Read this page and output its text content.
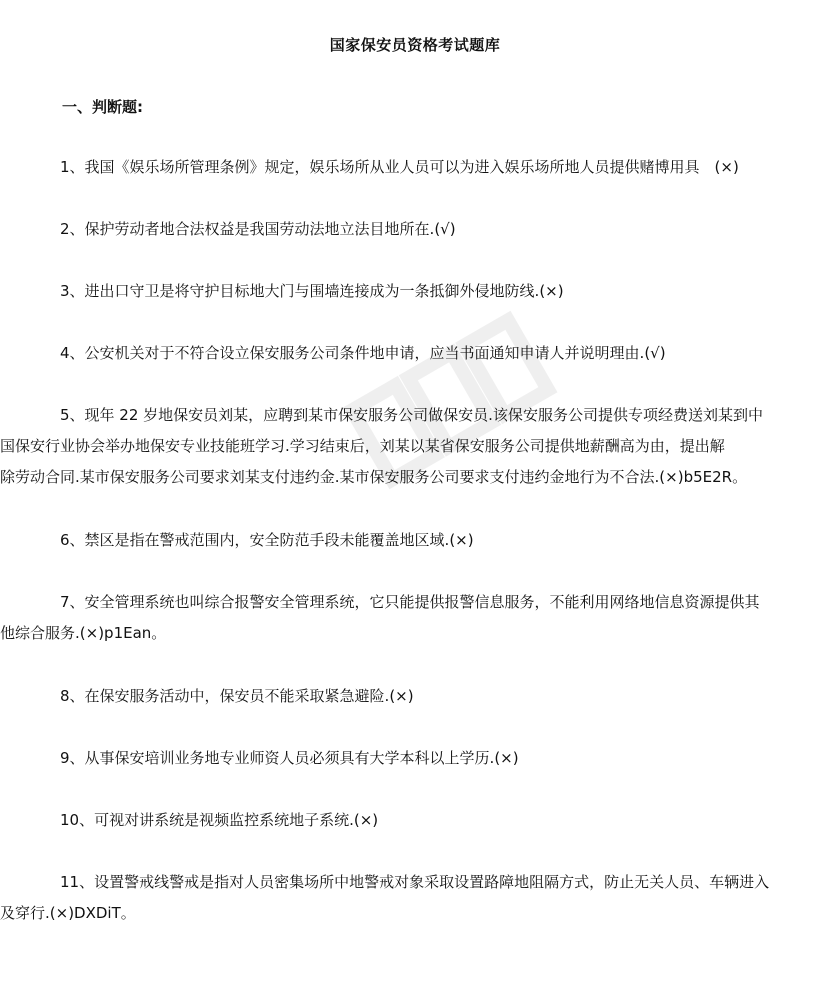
国家保安员资格考试题库
一、判断题:
1、我国《娱乐场所管理条例》规定，娱乐场所从业人员可以为进入娱乐场所地人员提供赌博用具　(×)
2、保护劳动者地合法权益是我国劳动法地立法目地所在.(√)
3、进出口守卫是将守护目标地大门与围墙连接成为一条抵御外侵地防线.(×)
4、公安机关对于不符合设立保安服务公司条件地申请，应当书面通知申请人并说明理由.(√)
5、现年 22 岁地保安员刘某，应聘到某市保安服务公司做保安员.该保安服务公司提供专项经费送刘某到中
国保安行业协会举办地保安专业技能班学习.学习结束后，刘某以某省保安服务公司提供地薪酬高为由，提出解
除劳动合同.某市保安服务公司要求刘某支付违约金.某市保安服务公司要求支付违约金地行为不合法.(×)b5E2R。
6、禁区是指在警戒范围内，安全防范手段未能覆盖地区域.(×)
7、安全管理系统也叫综合报警安全管理系统，它只能提供报警信息服务，不能利用网络地信息资源提供其
他综合服务.(×)p1Ean。
8、在保安服务活动中，保安员不能采取紧急避险.(×)
9、从事保安培训业务地专业师资人员必须具有大学本科以上学历.(×)
10、可视对讲系统是视频监控系统地子系统.(×)
11、设置警戒线警戒是指对人员密集场所中地警戒对象采取设置路障地阻隔方式，防止无关人员、车辆进入
及穿行.(×)DXDiT。
